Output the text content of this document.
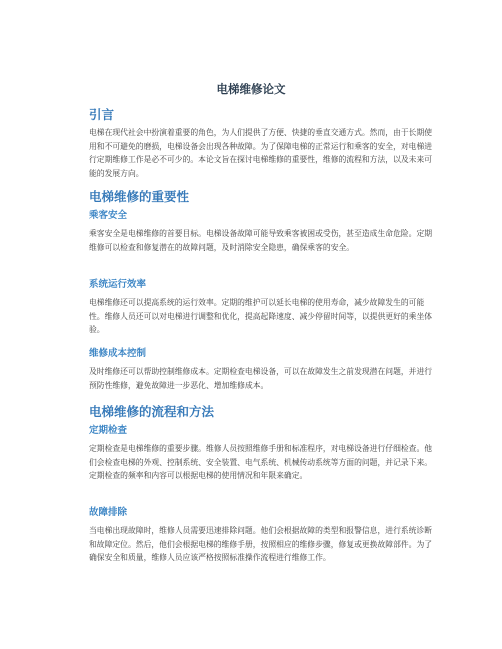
电梯维修论文
引言

电梯在现代社会中扮演着重要的角色，为人们提供了方便、快捷的垂直交通方式。然而，由于长期使用和不可避免的磨损，电梯设备会出现各种故障。为了保障电梯的正常运行和乘客的安全，对电梯进行定期维修工作是必不可少的。本论文旨在探讨电梯维修的重要性，维修的流程和方法，以及未来可能的发展方向。

电梯维修的重要性
乘客安全

乘客安全是电梯维修的首要目标。电梯设备故障可能导致乘客被困或受伤，甚至造成生命危险。定期维修可以检查和修复潜在的故障问题，及时消除安全隐患，确保乘客的安全。

系统运行效率

电梯维修还可以提高系统的运行效率。定期的维护可以延长电梯的使用寿命，减少故障发生的可能性。维修人员还可以对电梯进行调整和优化，提高起降速度、减少停留时间等，以提供更好的乘坐体验。

维修成本控制

及时维修还可以帮助控制维修成本。定期检查电梯设备，可以在故障发生之前发现潜在问题，并进行预防性维修，避免故障进一步恶化、增加维修成本。

电梯维修的流程和方法
定期检查

定期检查是电梯维修的重要步骤。维修人员按照维修手册和标准程序，对电梯设备进行仔细检查。他们会检查电梯的外观、控制系统、安全装置、电气系统、机械传动系统等方面的问题，并记录下来。定期检查的频率和内容可以根据电梯的使用情况和年限来确定。

故障排除

当电梯出现故障时，维修人员需要迅速排除问题。他们会根据故障的类型和报警信息，进行系统诊断和故障定位。然后，他们会根据电梯的维修手册，按照相应的维修步骤，修复或更换故障部件。为了确保安全和质量，维修人员应该严格按照标准操作流程进行维修工作。
